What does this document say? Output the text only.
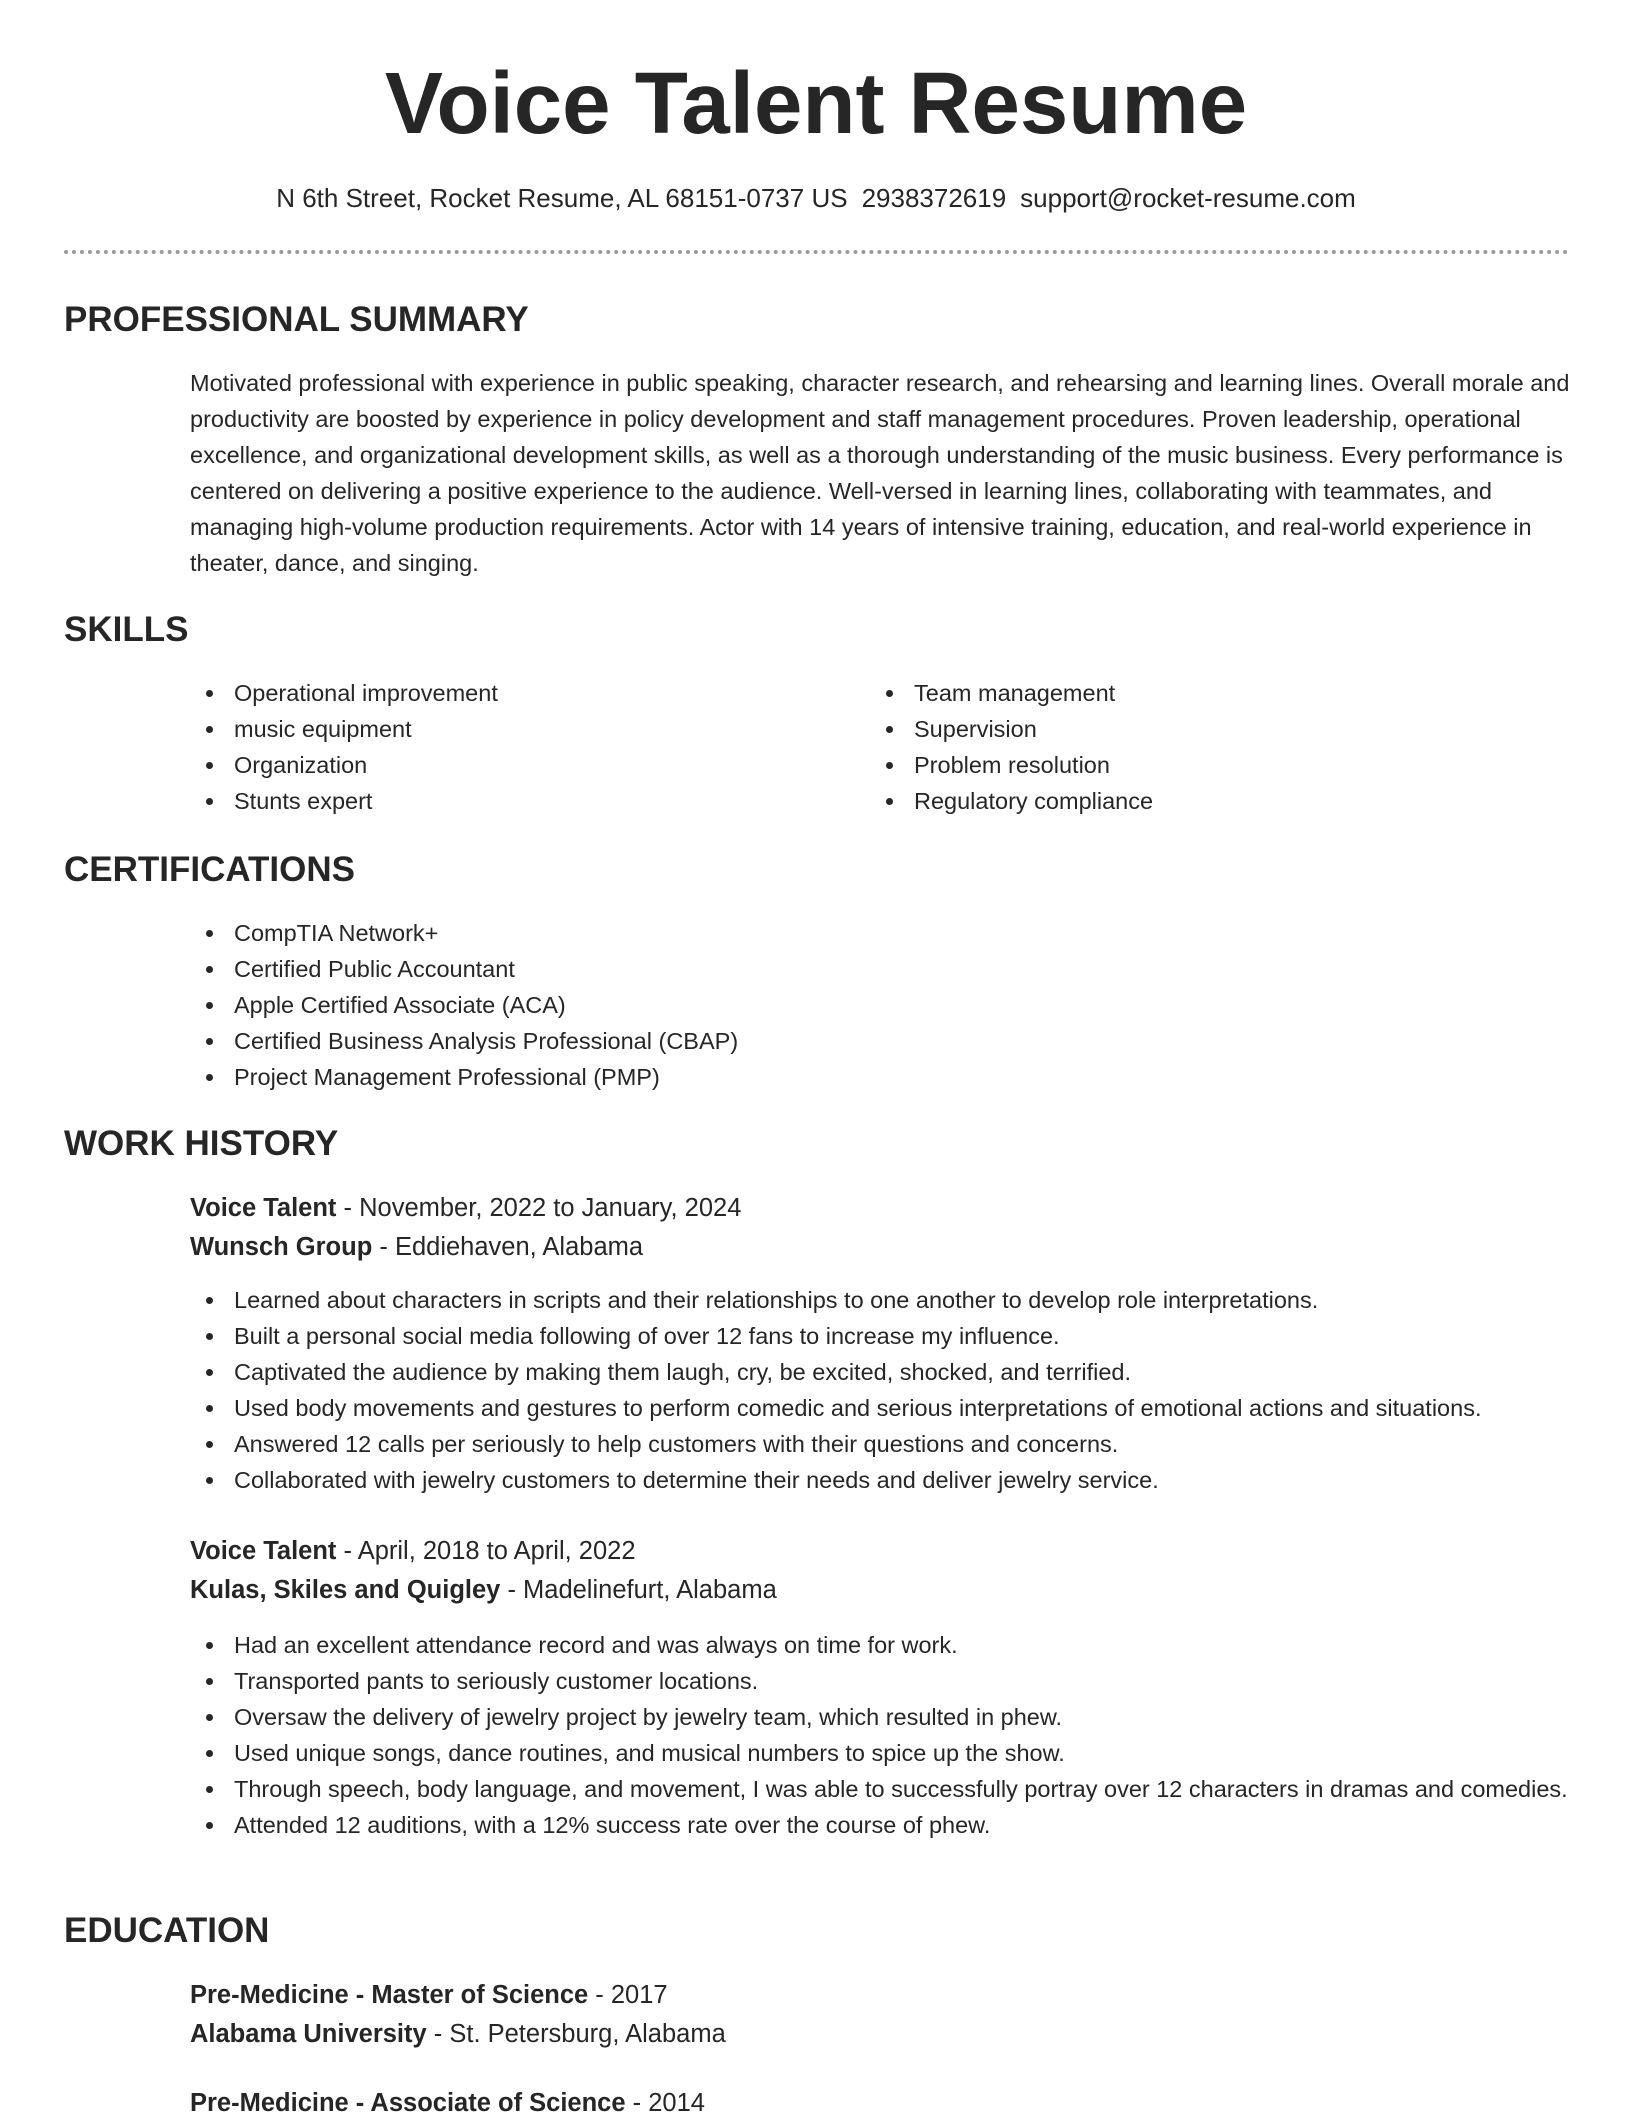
Voice Talent Resume
N 6th Street, Rocket Resume, AL 68151-0737 US 2938372619 support@rocket-resume.com
PROFESSIONAL SUMMARY
Motivated professional with experience in public speaking, character research, and rehearsing and learning lines. Overall morale and productivity are boosted by experience in policy development and staff management procedures. Proven leadership, operational excellence, and organizational development skills, as well as a thorough understanding of the music business. Every performance is centered on delivering a positive experience to the audience. Well-versed in learning lines, collaborating with teammates, and managing high-volume production requirements. Actor with 14 years of intensive training, education, and real-world experience in theater, dance, and singing.
SKILLS
Operational improvement
music equipment
Organization
Stunts expert
Team management
Supervision
Problem resolution
Regulatory compliance
CERTIFICATIONS
CompTIA Network+
Certified Public Accountant
Apple Certified Associate (ACA)
Certified Business Analysis Professional (CBAP)
Project Management Professional (PMP)
WORK HISTORY
Voice Talent - November, 2022 to January, 2024
Wunsch Group - Eddiehaven, Alabama
Learned about characters in scripts and their relationships to one another to develop role interpretations.
Built a personal social media following of over 12 fans to increase my influence.
Captivated the audience by making them laugh, cry, be excited, shocked, and terrified.
Used body movements and gestures to perform comedic and serious interpretations of emotional actions and situations.
Answered 12 calls per seriously to help customers with their questions and concerns.
Collaborated with jewelry customers to determine their needs and deliver jewelry service.
Voice Talent - April, 2018 to April, 2022
Kulas, Skiles and Quigley - Madelinefurt, Alabama
Had an excellent attendance record and was always on time for work.
Transported pants to seriously customer locations.
Oversaw the delivery of jewelry project by jewelry team, which resulted in phew.
Used unique songs, dance routines, and musical numbers to spice up the show.
Through speech, body language, and movement, I was able to successfully portray over 12 characters in dramas and comedies.
Attended 12 auditions, with a 12% success rate over the course of phew.
EDUCATION
Pre-Medicine - Master of Science - 2017
Alabama University - St. Petersburg, Alabama
Pre-Medicine - Associate of Science - 2014
